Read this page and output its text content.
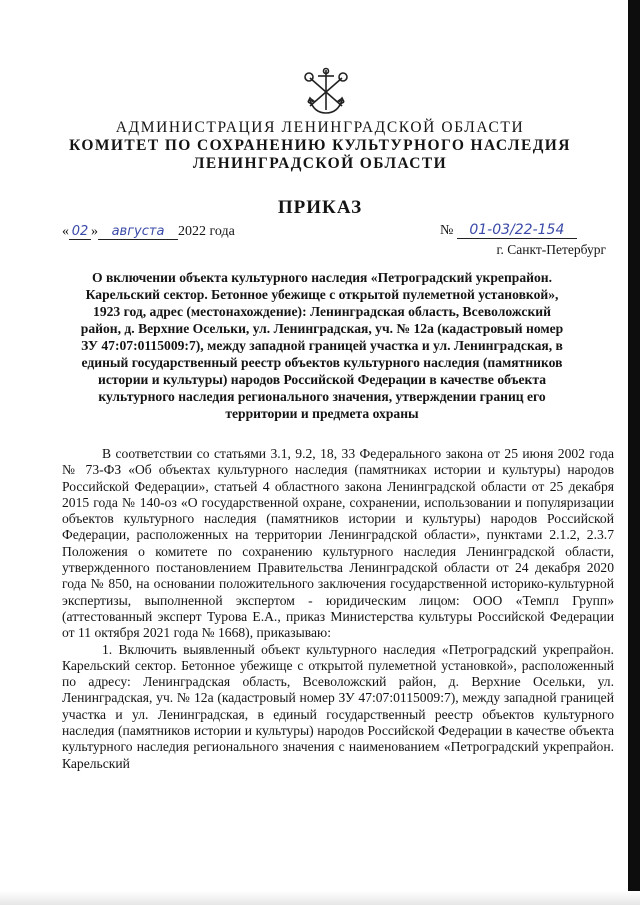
АДМИНИСТРАЦИЯ ЛЕНИНГРАДСКОЙ ОБЛАСТИ
КОМИТЕТ ПО СОХРАНЕНИЮ КУЛЬТУРНОГО НАСЛЕДИЯ
ЛЕНИНГРАДСКОЙ ОБЛАСТИ
ПРИКАЗ
« 02 » августа 2022 года	№ 01-03/22-154
г. Санкт-Петербург
О включении объекта культурного наследия «Петроградский укрепрайон. Карельский сектор. Бетонное убежище с открытой пулеметной установкой», 1923 год, адрес (местонахождение): Ленинградская область, Всеволожский район, д. Верхние Осельки, ул. Ленинградская, уч. № 12а (кадастровый номер ЗУ 47:07:0115009:7), между западной границей участка и ул. Ленинградская, в единый государственный реестр объектов культурного наследия (памятников истории и культуры) народов Российской Федерации в качестве объекта культурного наследия регионального значения, утверждении границ его территории и предмета охраны

В соответствии со статьями 3.1, 9.2, 18, 33 Федерального закона от 25 июня 2002 года № 73-ФЗ «Об объектах культурного наследия (памятниках истории и культуры) народов Российской Федерации», статьей 4 областного закона Ленинградской области от 25 декабря 2015 года № 140-оз «О государственной охране, сохранении, использовании и популяризации объектов культурного наследия (памятников истории и культуры) народов Российской Федерации, расположенных на территории Ленинградской области», пунктами 2.1.2, 2.3.7 Положения о комитете по сохранению культурного наследия Ленинградской области, утвержденного постановлением Правительства Ленинградской области от 24 декабря 2020 года № 850, на основании положительного заключения государственной историко-культурной экспертизы, выполненной экспертом - юридическим лицом: ООО «Темпл Групп» (аттестованный эксперт Турова Е.А., приказ Министерства культуры Российской Федерации от 11 октября 2021 года № 1668), приказываю:

1. Включить выявленный объект культурного наследия «Петроградский укрепрайон. Карельский сектор. Бетонное убежище с открытой пулеметной установкой», расположенный по адресу: Ленинградская область, Всеволожский район, д. Верхние Осельки, ул. Ленинградская, уч. № 12а (кадастровый номер ЗУ 47:07:0115009:7), между западной границей участка и ул. Ленинградская, в единый государственный реестр объектов культурного наследия (памятников истории и культуры) народов Российской Федерации в качестве объекта культурного наследия регионального значения с наименованием «Петроградский укрепрайон. Карельский
